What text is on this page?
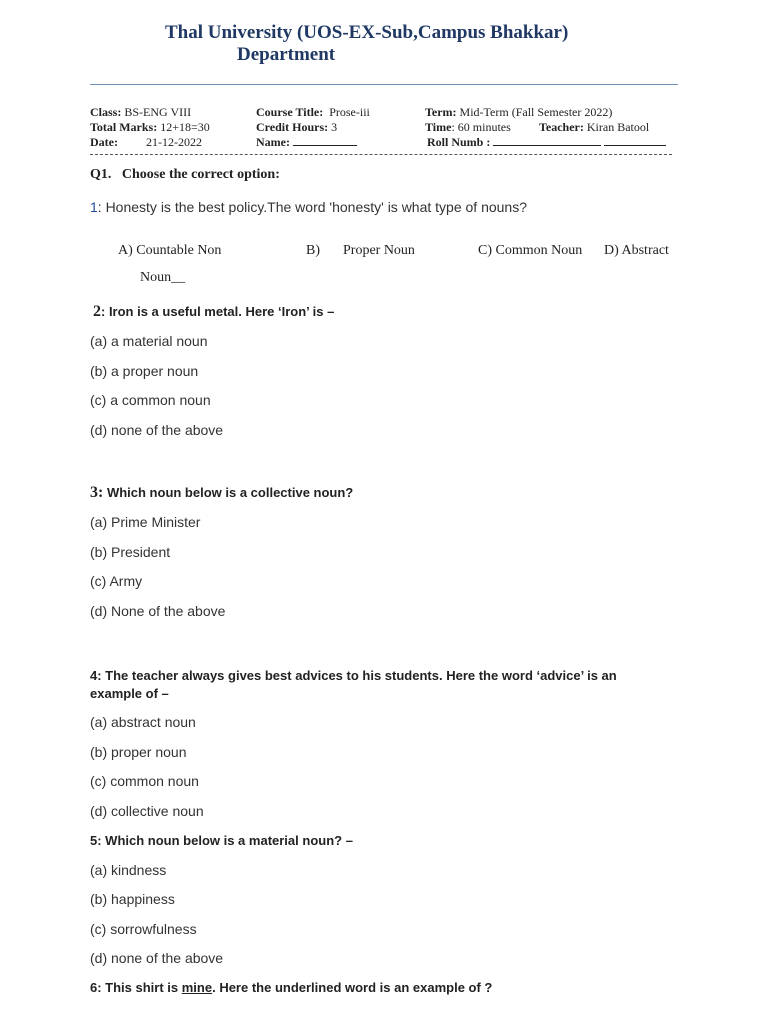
Thal University (UOS-EX-Sub,Campus Bhakkar)
Department
Class: BS-ENG VIII	Course Title: Prose-iii	Term: Mid-Term (Fall Semester 2022)
Total Marks: 12+18=30	Credit Hours: 3	Time: 60 minutes Teacher: Kiran Batool
Date: 21-12-2022	Name:	Roll Numb :
Q1. Choose the correct option:
1: Honesty is the best policy.The word 'honesty' is what type of nouns?
A) Countable Non
Noun__
B) Proper Noun	C) Common Noun D) Abstract
2: Iron is a useful metal. Here ‘Iron’ is –
(a) a material noun
(b) a proper noun
(c) a common noun
(d) none of the above
3: Which noun below is a collective noun?
(a) Prime Minister
(b) President
(c) Army
(d) None of the above
4: The teacher always gives best advices to his students. Here the word ‘advice’ is an
example of –
(a) abstract noun
(b) proper noun
(c) common noun
(d) collective noun
5: Which noun below is a material noun? –
(a) kindness
(b) happiness
(c) sorrowfulness
(d) none of the above
6: This shirt is mine. Here the underlined word is an example of ?
